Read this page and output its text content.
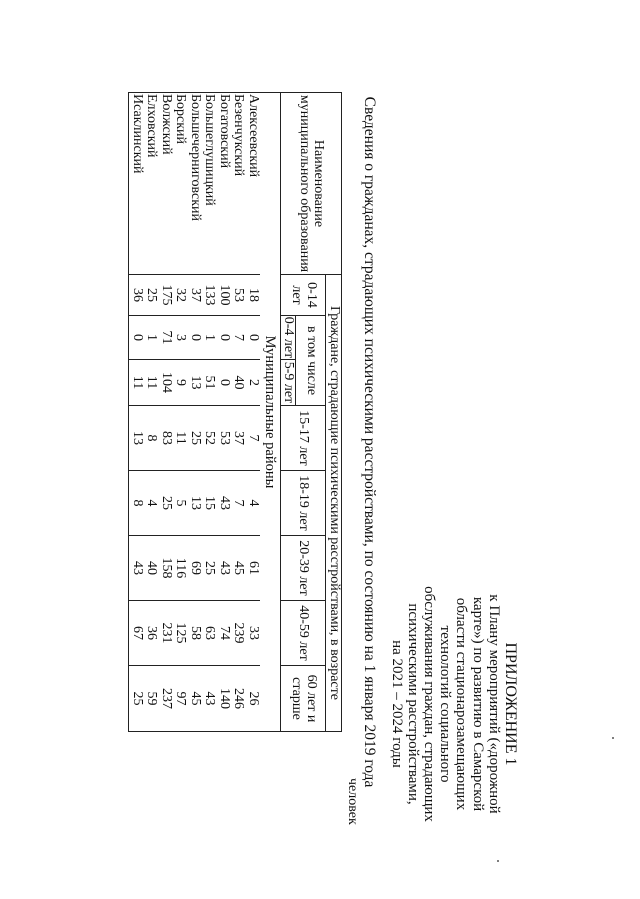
ПРИЛОЖЕНИЕ 1
к Плану мероприятий («дорожной
карте») по развитию в Самарской
области стационарозамещающих
технологий социального
обслуживания граждан, страдающих
психическими расстройствами,
на 2021 – 2024 годы
Сведения о гражданах, страдающих психическими расстройствами, по состоянию на 1 января 2019 года
человек
Наименование муниципального образования	Граждане, страдающие психическими расстройствами, в возрасте							
	0-14 лет	в том числе		15-17 лет	18-19 лет	20-39 лет	40-59 лет	60 лет и старше
		0-4 лет	5-9 лет					
Муниципальные районы								
Алексеевский	18	0	2	7	4	61	33	26
Безенчукский	53	7	40	37	7	45	239	246
Богатовский	100	0	0	53	43	43	74	140
Большеглушицкий	133	1	51	52	15	25	63	43
Большечерниговский	37	0	13	25	13	69	58	45
Борский	32	3	9	11	5	116	125	97
Волжский	175	71	104	83	25	158	231	237
Елховский	25	1	11	8	4	40	36	59
Исаклинский	36	0	11	13	8	43	67	25
